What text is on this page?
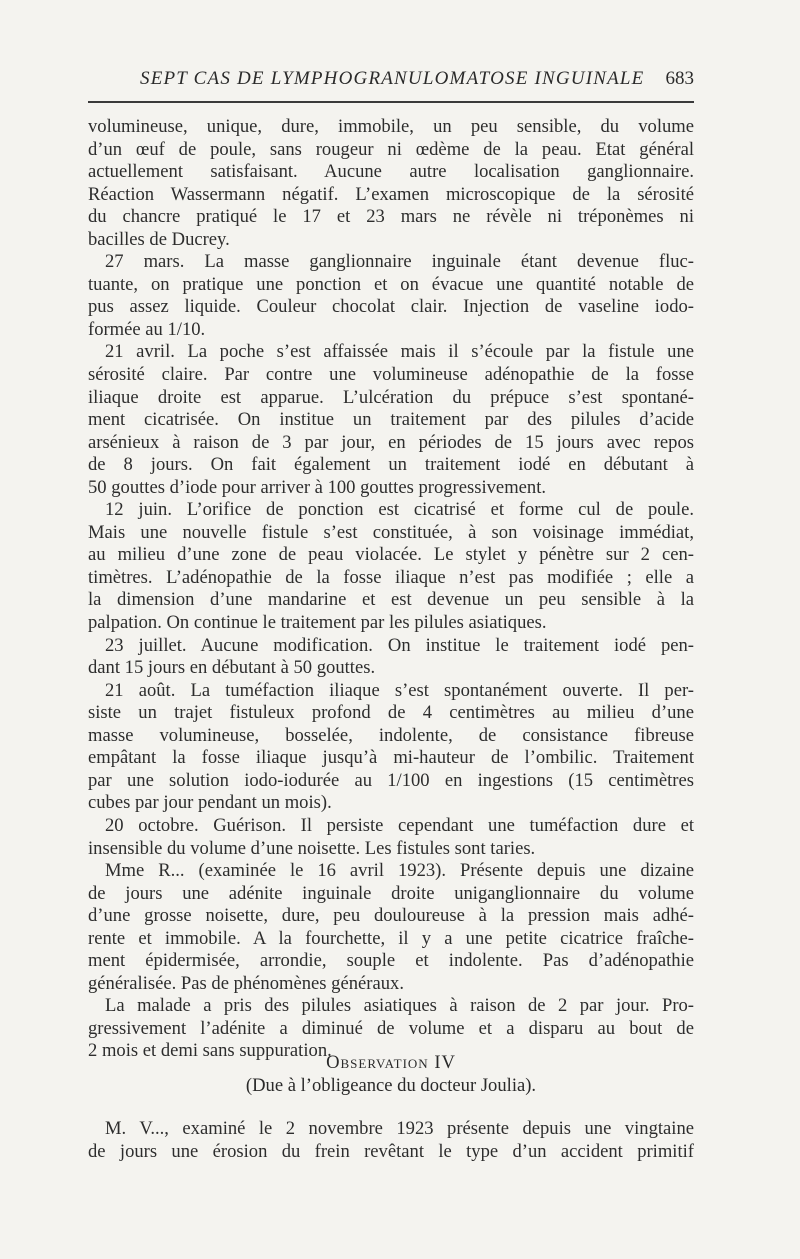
SEPT CAS DE LYMPHOGRANULOMATOSE INGUINALE 683
volumineuse, unique, dure, immobile, un peu sensible, du volume
d’un œuf de poule, sans rougeur ni œdème de la peau. Etat général
actuellement satisfaisant. Aucune autre localisation ganglionnaire.
Réaction Wassermann négatif. L’examen microscopique de la sérosité
du chancre pratiqué le 17 et 23 mars ne révèle ni tréponèmes ni
bacilles de Ducrey.
27 mars. La masse ganglionnaire inguinale étant devenue fluc-
tuante, on pratique une ponction et on évacue une quantité notable de
pus assez liquide. Couleur chocolat clair. Injection de vaseline iodo-
formée au 1/10.
21 avril. La poche s’est affaissée mais il s’écoule par la fistule une
sérosité claire. Par contre une volumineuse adénopathie de la fosse
iliaque droite est apparue. L’ulcération du prépuce s’est spontané-
ment cicatrisée. On institue un traitement par des pilules d’acide
arsénieux à raison de 3 par jour, en périodes de 15 jours avec repos
de 8 jours. On fait également un traitement iodé en débutant à
50 gouttes d’iode pour arriver à 100 gouttes progressivement.
12 juin. L’orifice de ponction est cicatrisé et forme cul de poule.
Mais une nouvelle fistule s’est constituée, à son voisinage immédiat,
au milieu d’une zone de peau violacée. Le stylet y pénètre sur 2 cen-
timètres. L’adénopathie de la fosse iliaque n’est pas modifiée ; elle a
la dimension d’une mandarine et est devenue un peu sensible à la
palpation. On continue le traitement par les pilules asiatiques.
23 juillet. Aucune modification. On institue le traitement iodé pen-
dant 15 jours en débutant à 50 gouttes.
21 août. La tuméfaction iliaque s’est spontanément ouverte. Il per-
siste un trajet fistuleux profond de 4 centimètres au milieu d’une
masse volumineuse, bosselée, indolente, de consistance fibreuse
empâtant la fosse iliaque jusqu’à mi-hauteur de l’ombilic. Traitement
par une solution iodo-iodurée au 1/100 en ingestions (15 centimètres
cubes par jour pendant un mois).
20 octobre. Guérison. Il persiste cependant une tuméfaction dure et
insensible du volume d’une noisette. Les fistules sont taries.
Mme R... (examinée le 16 avril 1923). Présente depuis une dizaine
de jours une adénite inguinale droite uniganglionnaire du volume
d’une grosse noisette, dure, peu douloureuse à la pression mais adhé-
rente et immobile. A la fourchette, il y a une petite cicatrice fraîche-
ment épidermisée, arrondie, souple et indolente. Pas d’adénopathie
généralisée. Pas de phénomènes généraux.
La malade a pris des pilules asiatiques à raison de 2 par jour. Pro-
gressivement l’adénite a diminué de volume et a disparu au bout de
2 mois et demi sans suppuration.
Observation IV
(Due à l’obligeance du docteur Joulia).
M. V..., examiné le 2 novembre 1923 présente depuis une vingtaine
de jours une érosion du frein revêtant le type d’un accident primitif
